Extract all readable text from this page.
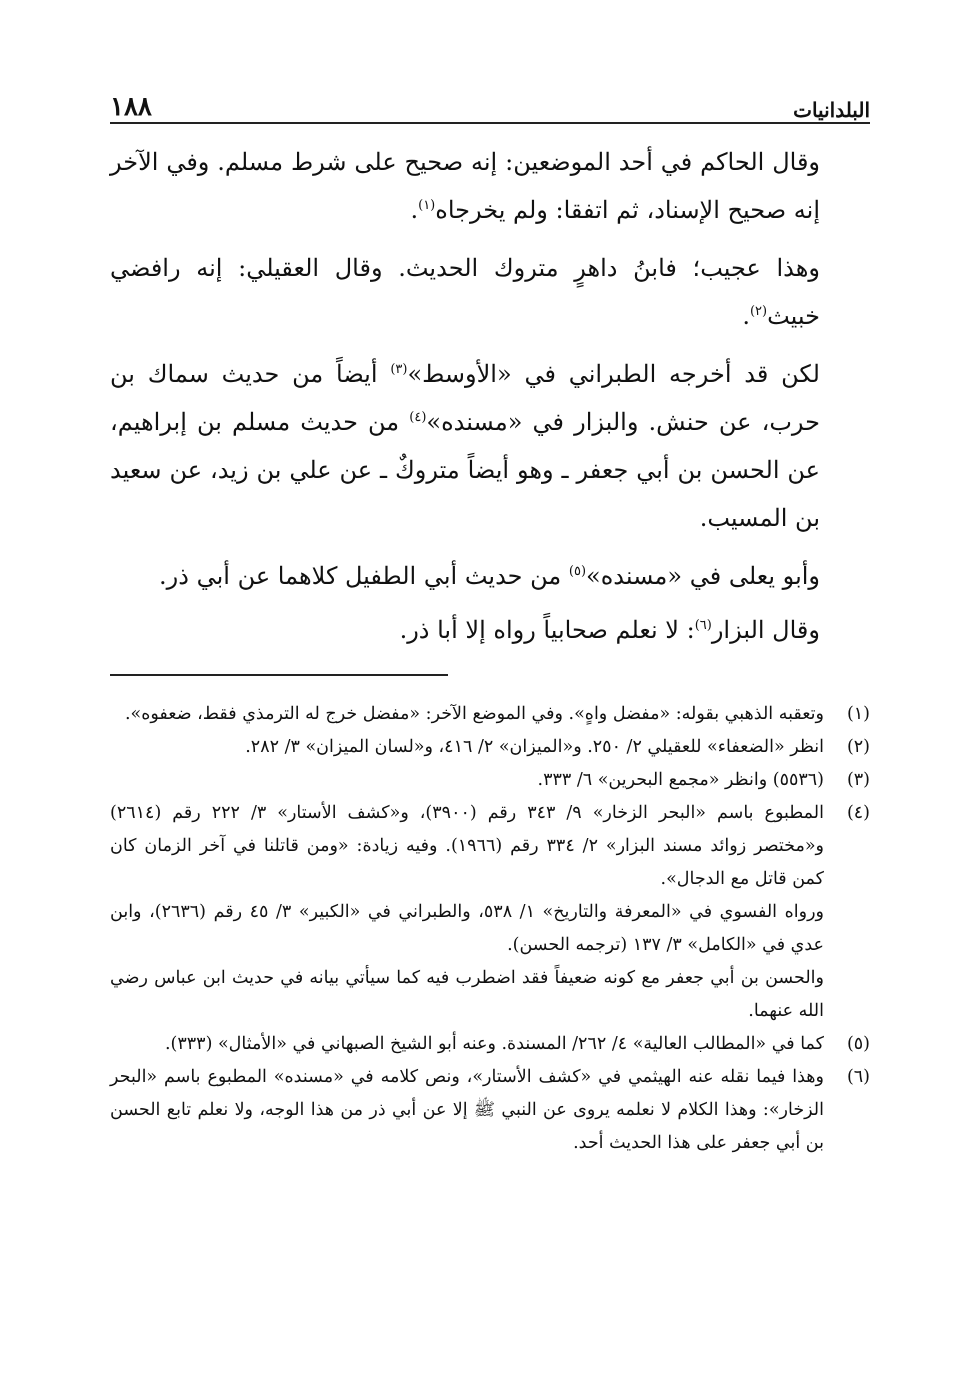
البلدانيات
١٨٨

وقال الحاكم في أحد الموضعين: إنه صحيح على شرط مسلم. وفي الآخر إنه صحيح الإسناد، ثم اتفقا: ولم يخرجاه$^{(١)}$.

وهذا عجيب؛ فابنُ داهرٍ متروك الحديث. وقال العقيلي: إنه رافضي خبيث$^{(٢)}$.

لكن قد أخرجه الطبراني في «الأوسط»$^{(٣)}$ أيضاً من حديث سماك بن حرب، عن حنش. والبزار في «مسنده»$^{(٤)}$ من حديث مسلم بن إبراهيم، عن الحسن بن أبي جعفر ـ وهو أيضاً متروكٌ ـ عن علي بن زيد، عن سعيد بن المسيب.

وأبو يعلى في «مسنده»$^{(٥)}$ من حديث أبي الطفيل كلاهما عن أبي ذر.

وقال البزار$^{(٦)}$: لا نعلم صحابياً رواه إلا أبا ذر.

(١)

وتعقبه الذهبي بقوله: «مفضل واهٍ». وفي الموضع الآخر: «مفضل خرج له الترمذي فقط، ضعفوه».

(٢)

انظر «الضعفاء» للعقيلي ٢/ ٢٥٠. و«الميزان» ٢/ ٤١٦، و«لسان الميزان» ٣/ ٢٨٢.

(٣)

(٥٥٣٦) وانظر «مجمع البحرين» ٦/ ٣٣٣.

(٤)

المطبوع باسم «البحر الزخار» ٩/ ٣٤٣ رقم (٣٩٠٠)، و«كشف الأستار» ٣/ ٢٢٢ رقم (٢٦١٤) و«مختصر زوائد مسند البزار» ٢/ ٣٣٤ رقم (١٩٦٦). وفيه زيادة: «ومن قاتلنا في آخر الزمان كان كمن قاتل مع الدجال».

ورواه الفسوي في «المعرفة والتاريخ» ١/ ٥٣٨، والطبراني في «الكبير» ٣/ ٤٥ رقم (٢٦٣٦)، وابن عدي في «الكامل» ٣/ ١٣٧ (ترجمه الحسن).

والحسن بن أبي جعفر مع كونه ضعيفاً فقد اضطرب فيه كما سيأتي بيانه في حديث ابن عباس رضي الله عنهما.

(٥)

كما في «المطالب العالية» ٤/ ٢٦٢/ المسندة. وعنه أبو الشيخ الصبهاني في «الأمثال» (٣٣٣).

(٦)

وهذا فيما نقله عنه الهيثمي في «كشف الأستار»، ونص كلامه في «مسنده» المطبوع باسم «البحر الزخار»: وهذا الكلام لا نعلمه يروى عن النبي ﷺ إلا عن أبي ذر من هذا الوجه، ولا نعلم تابع الحسن بن أبي جعفر على هذا الحديث أحد.
